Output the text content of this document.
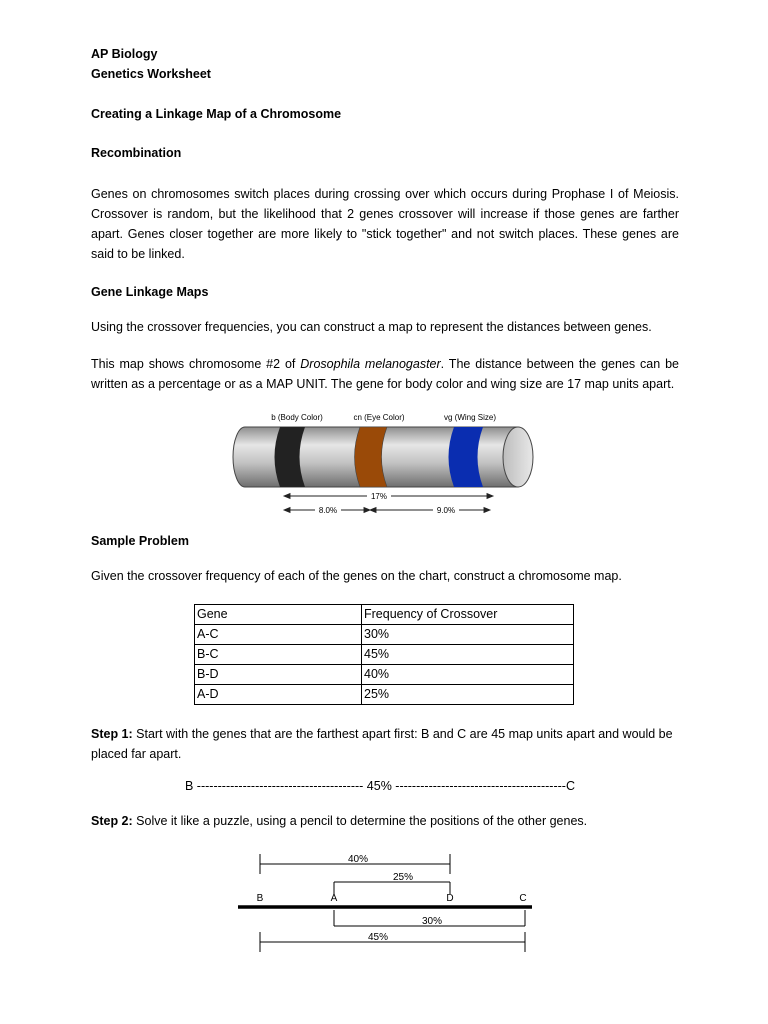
AP Biology

Genetics Worksheet

Creating a Linkage Map of a Chromosome

Recombination

Genes on chromosomes switch places during crossing over which occurs during Prophase I of Meiosis. Crossover is random, but the likelihood that 2 genes crossover will increase if those genes are farther apart. Genes closer together are more likely to "stick together" and not switch places. These genes are said to be linked.

Gene Linkage Maps

Using the crossover frequencies, you can construct a map to represent the distances between genes.

This map shows chromosome #2 of Drosophila melanogaster. The distance between the genes can be written as a percentage or as a MAP UNIT. The gene for body color and wing size are 17 map units apart.

b (Body Color)	cn (Eye Color)	vg (Wing Size)
17%
8.0%	9.0%

Sample Problem

Given the crossover frequency of each of the genes on the chart, construct a chromosome map.

Gene	Frequency of Crossover
A-C	30%
B-C	45%
B-D	40%
A-D	25%

Step 1: Start with the genes that are the farthest apart first: B and C are 45 map units apart and would be placed far apart.

B ---------------------------------------- 45% -----------------------------------------C

Step 2: Solve it like a puzzle, using a pencil to determine the positions of the other genes.

40%
25%
30%
45%
B	A	D	C
